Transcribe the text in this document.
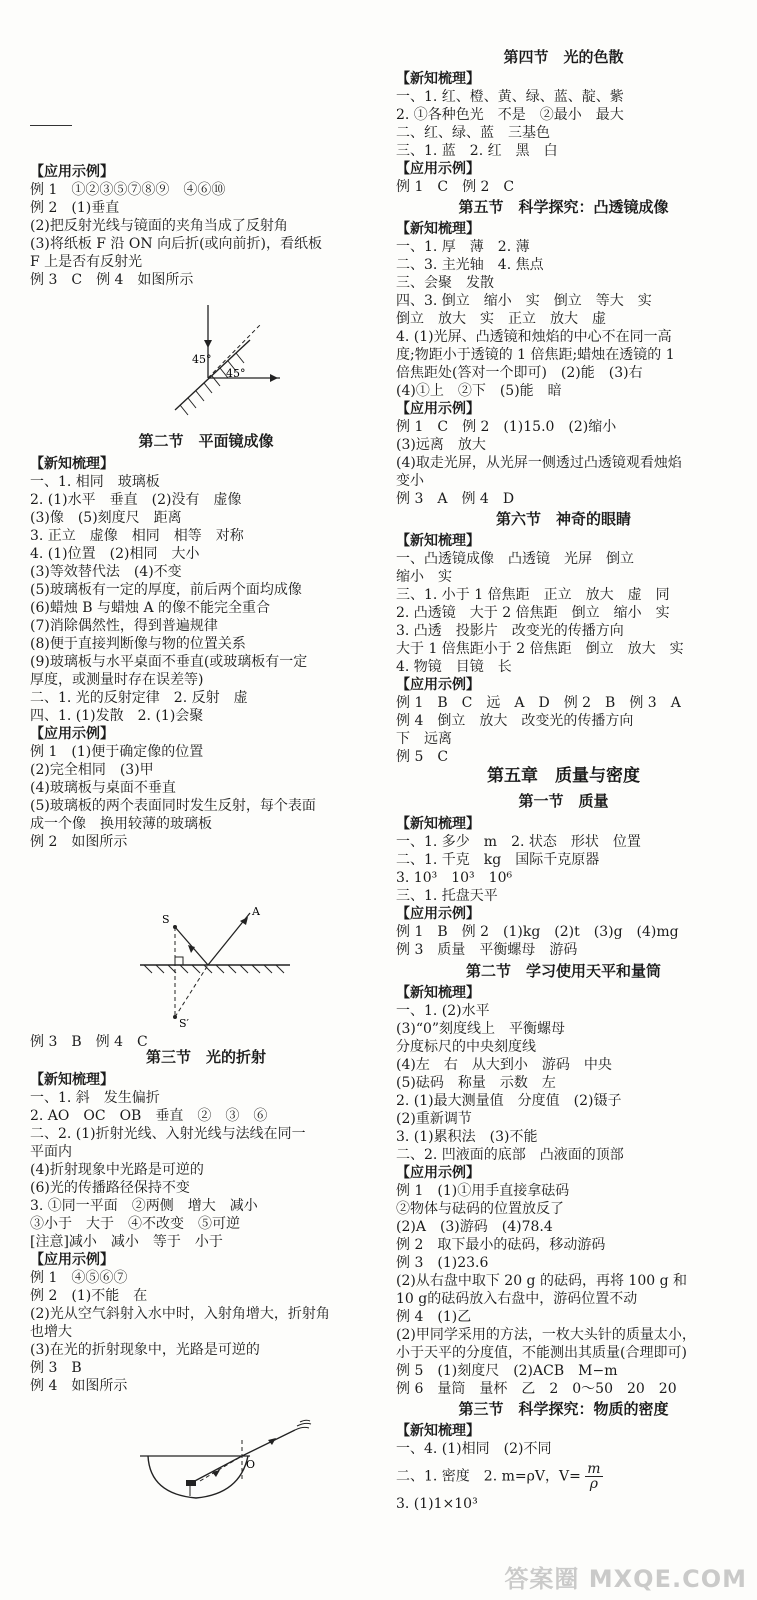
【应用示例】
例 1　①②③⑤⑦⑧⑨　④⑥⑩
例 2　(1)垂直
(2)把反射光线与镜面的夹角当成了反射角
(3)将纸板 F 沿 ON 向后折(或向前折)，看纸板
F 上是否有反射光
例 3　C　例 4　如图所示
45°
45°
第二节　平面镜成像
【新知梳理】
一、1. 相同　玻璃板
2. (1)水平　垂直　(2)没有　虚像
(3)像　(5)刻度尺　距离
3. 正立　虚像　相同　相等　对称
4. (1)位置　(2)相同　大小
(3)等效替代法　(4)不变
(5)玻璃板有一定的厚度，前后两个面均成像
(6)蜡烛 B 与蜡烛 A 的像不能完全重合
(7)消除偶然性，得到普遍规律
(8)便于直接判断像与物的位置关系
(9)玻璃板与水平桌面不垂直(或玻璃板有一定
厚度，或测量时存在误差等)
二、1. 光的反射定律　2. 反射　虚
四、1. (1)发散　2. (1)会聚
【应用示例】
例 1　(1)便于确定像的位置
(2)完全相同　(3)甲
(4)玻璃板与桌面不垂直
(5)玻璃板的两个表面同时发生反射，每个表面
成一个像　换用较薄的玻璃板
例 2　如图所示
S
A
S′
例 3　B　例 4　C
第三节　光的折射
【新知梳理】
一、1. 斜　发生偏折
2. AO　OC　OB　垂直　②　③　⑥
二、2. (1)折射光线、入射光线与法线在同一
平面内
(4)折射现象中光路是可逆的
(6)光的传播路径保持不变
3. ①同一平面　②两侧　增大　减小
③小于　大于　④不改变　⑤可逆
[注意]减小　减小　等于　小于
【应用示例】
例 1　④⑤⑥⑦
例 2　(1)不能　在
(2)光从空气斜射入水中时，入射角增大，折射角
也增大
(3)在光的折射现象中，光路是可逆的
例 3　B
例 4　如图所示
O
第四节　光的色散
【新知梳理】
一、1. 红、橙、黄、绿、蓝、靛、紫
2. ①各种色光　不是　②最小　最大
二、红、绿、蓝　三基色
三、1. 蓝　2. 红　黑　白
【应用示例】
例 1　C　例 2　C
第五节　科学探究：凸透镜成像
【新知梳理】
一、1. 厚　薄　2. 薄
二、3. 主光轴　4. 焦点
三、会聚　发散
四、3. 倒立　缩小　实　倒立　等大　实
倒立　放大　实　正立　放大　虚
4. (1)光屏、凸透镜和烛焰的中心不在同一高
度;物距小于透镜的 1 倍焦距;蜡烛在透镜的 1
倍焦距处(答对一个即可)　(2)能　(3)右
(4)①上　②下　(5)能　暗
【应用示例】
例 1　C　例 2　(1)15.0　(2)缩小
(3)远离　放大
(4)取走光屏，从光屏一侧透过凸透镜观看烛焰
变小
例 3　A　例 4　D
第六节　神奇的眼睛
【新知梳理】
一、凸透镜成像　凸透镜　光屏　倒立
缩小　实
三、1. 小于 1 倍焦距　正立　放大　虚　同
2. 凸透镜　大于 2 倍焦距　倒立　缩小　实
3. 凸透　投影片　改变光的传播方向
大于 1 倍焦距小于 2 倍焦距　倒立　放大　实
4. 物镜　目镜　长
【应用示例】
例 1　B　C　远　A　D　例 2　B　例 3　A
例 4　倒立　放大　改变光的传播方向
下　远离
例 5　C
第五章　质量与密度
第一节　质量
【新知梳理】
一、1. 多少　m　2. 状态　形状　位置
二、1. 千克　kg　国际千克原器
3. 10³　10³　10⁶
三、1. 托盘天平
【应用示例】
例 1　B　例 2　(1)kg　(2)t　(3)g　(4)mg
例 3　质量　平衡螺母　游码
第二节　学习使用天平和量筒
【新知梳理】
一、1. (2)水平
(3)“0”刻度线上　平衡螺母
分度标尺的中央刻度线
(4)左　右　从大到小　游码　中央
(5)砝码　称量　示数　左
2. (1)最大测量值　分度值　(2)镊子
(2)重新调节
3. (1)累积法　(3)不能
二、2. 凹液面的底部　凸液面的顶部
【应用示例】
例 1　(1)①用手直接拿砝码
②物体与砝码的位置放反了
(2)A　(3)游码　(4)78.4
例 2　取下最小的砝码，移动游码
例 3　(1)23.6
(2)从右盘中取下 20 g 的砝码，再将 100 g 和
10 g的砝码放入右盘中，游码位置不动
例 4　(1)乙
(2)甲同学采用的方法，一枚大头针的质量太小，
小于天平的分度值，不能测出其质量(合理即可)
例 5　(1)刻度尺　(2)ACB　M−m
例 6　量筒　量杯　乙　2　0～50　20　20
第三节　科学探究：物质的密度
【新知梳理】
一、4. (1)相同　(2)不同
二、1. 密度　2. m=ρV，$V= \frac{m}{\rho}$
3. (1)1×10³
答案圈 MXQE.COM
